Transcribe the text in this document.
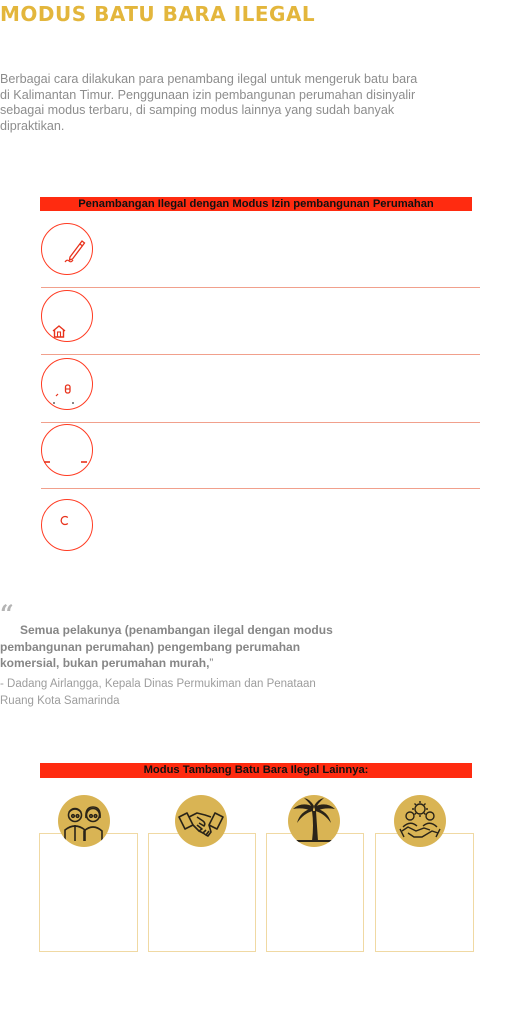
MODUS BATU BARA ILEGAL

Berbagai cara dilakukan para penambang ilegal untuk mengeruk batu bara di Kalimantan Timur. Penggunaan izin pembangunan perumahan disinyalir sebagai modus terbaru, di samping modus lainnya yang sudah banyak dipraktikan.

Penambangan Ilegal dengan Modus Izin pembangunan Perumahan
“

Semua pelakunya (penambangan ilegal dengan modus pembangunan perumahan) pengembang perumahan komersial, bukan perumahan murah,”

- Dadang Airlangga, Kepala Dinas Permukiman dan Penataan Ruang Kota Samarinda

Modus Tambang Batu Bara Ilegal Lainnya:
